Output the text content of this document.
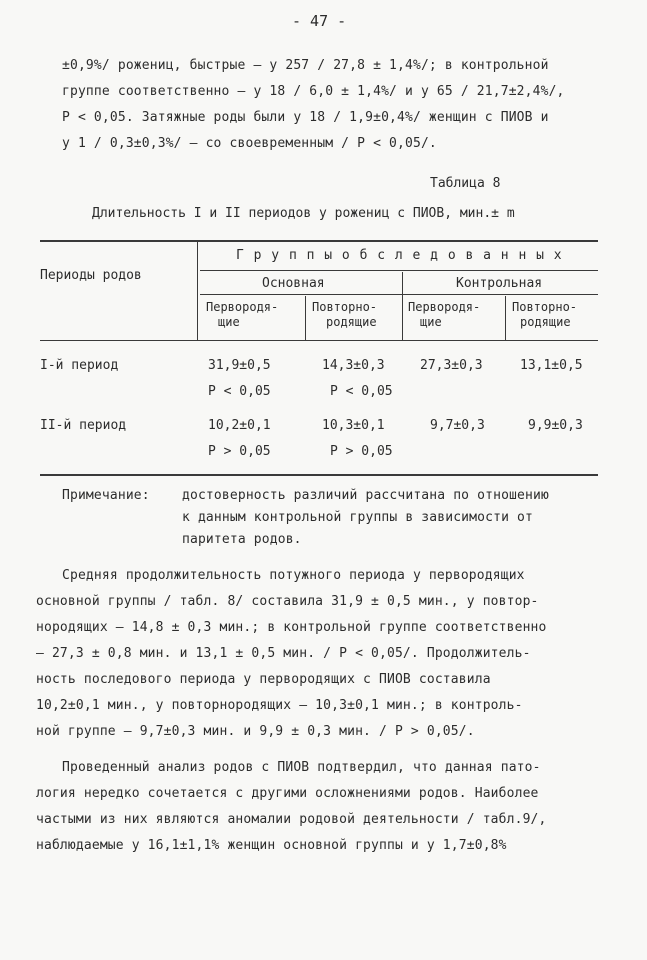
- 47 -
±0,9%/ рожениц, быстрые – у 257 / 27,8 ± 1,4%/; в контрольной
группе соответственно – у 18 / 6,0 ± 1,4%/ и у 65 / 21,7±2,4%/,
P < 0,05. Затяжные роды были у 18 / 1,9±0,4%/ женщин с ПИОВ и
у 1 / 0,3±0,3%/ – со своевременным / P < 0,05/.
Таблица 8
Длительность I и II периодов у рожениц с ПИОВ, мин.± m
Периоды родов
Г р у п п ы о б с л е д о в а н н ы х
Основная	Контрольная
Первородя-
щие
Повторно-
родящие
Первородя-
щие
Повторно-
родящие
I-й период	31,9±0,5	14,3±0,3	27,3±0,3	13,1±0,5
P < 0,05	P < 0,05
II-й период	10,2±0,1	10,3±0,1	9,7±0,3	9,9±0,3
P > 0,05	P > 0,05
Примечание: достоверность различий рассчитана по отношению
к данным контрольной группы в зависимости от
паритета родов.
Средняя продолжительность потужного периода у первородящих
основной группы / табл. 8/ составила 31,9 ± 0,5 мин., у повтор-
нородящих – 14,8 ± 0,3 мин.; в контрольной группе соответственно
– 27,3 ± 0,8 мин. и 13,1 ± 0,5 мин. / P < 0,05/. Продолжитель-
ность последового периода у первородящих с ПИОВ составила
10,2±0,1 мин., у повторнородящих – 10,3±0,1 мин.; в контроль-
ной группе – 9,7±0,3 мин. и 9,9 ± 0,3 мин. / P > 0,05/.
Проведенный анализ родов с ПИОВ подтвердил, что данная пато-
логия нередко сочетается с другими осложнениями родов. Наиболее
частыми из них являются аномалии родовой деятельности / табл.9/,
наблюдаемые у 16,1±1,1% женщин основной группы и у 1,7±0,8%
